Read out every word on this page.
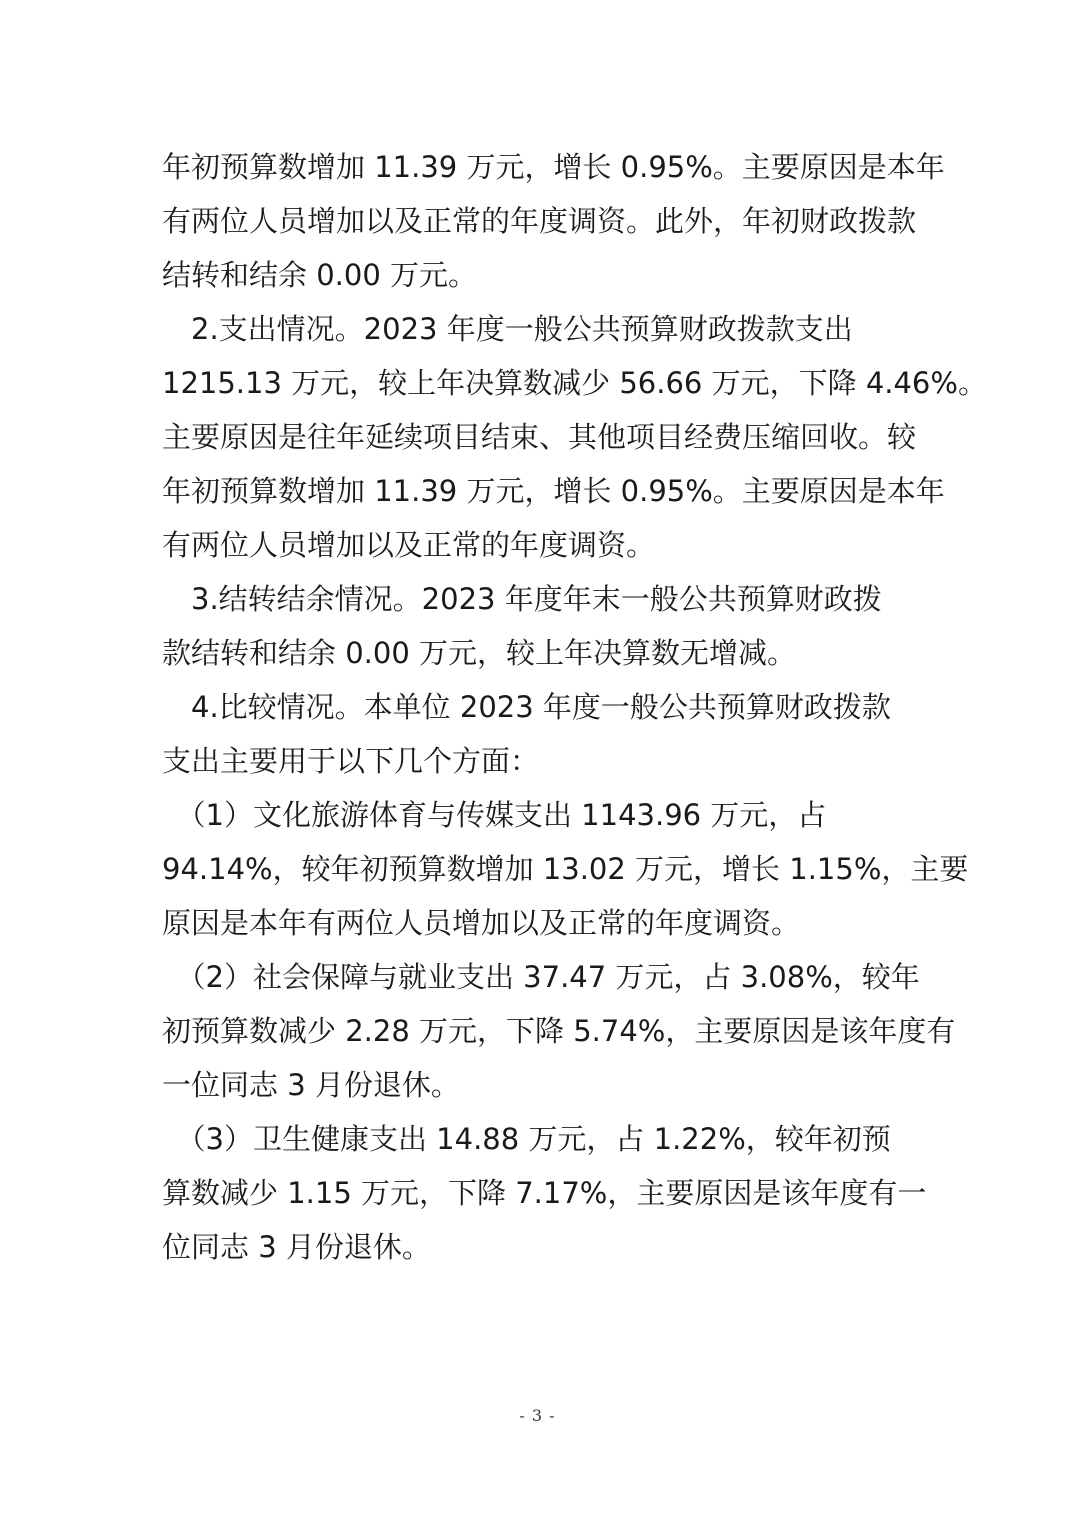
年初预算数增加 11.39 万元，增长 0.95%。主要原因是本年
有两位人员增加以及正常的年度调资。此外，年初财政拨款
结转和结余 0.00 万元。
　2.支出情况。2023 年度一般公共预算财政拨款支出
1215.13 万元，较上年决算数减少 56.66 万元，下降 4.46%。
主要原因是往年延续项目结束、其他项目经费压缩回收。较
年初预算数增加 11.39 万元，增长 0.95%。主要原因是本年
有两位人员增加以及正常的年度调资。
　3.结转结余情况。2023 年度年末一般公共预算财政拨
款结转和结余 0.00 万元，较上年决算数无增减。
　4.比较情况。本单位 2023 年度一般公共预算财政拨款
支出主要用于以下几个方面：
　（1）文化旅游体育与传媒支出 1143.96 万元，占
94.14%，较年初预算数增加 13.02 万元，增长 1.15%，主要
原因是本年有两位人员增加以及正常的年度调资。
　（2）社会保障与就业支出 37.47 万元，占 3.08%，较年
初预算数减少 2.28 万元，下降 5.74%，主要原因是该年度有
一位同志 3 月份退休。
　（3）卫生健康支出 14.88 万元，占 1.22%，较年初预
算数减少 1.15 万元，下降 7.17%，主要原因是该年度有一
位同志 3 月份退休。
- 3 -
